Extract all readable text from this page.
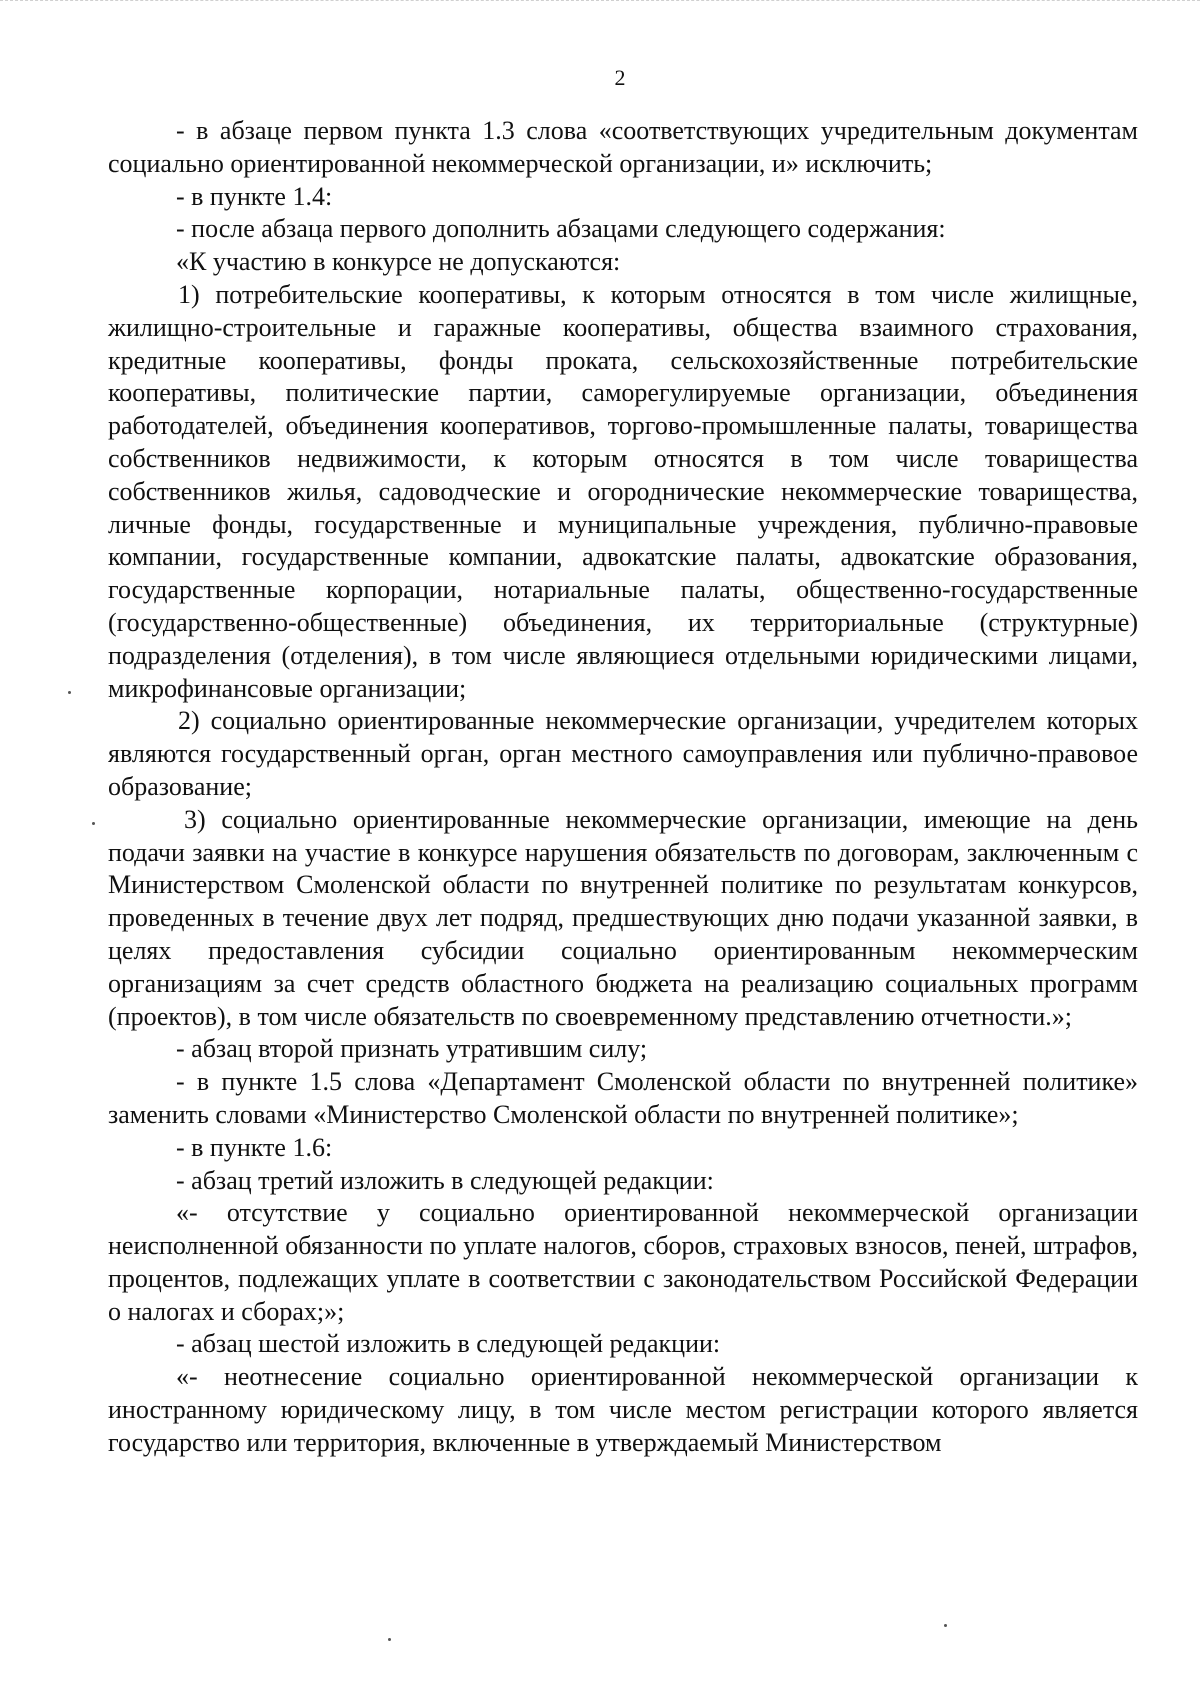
2

- в абзаце первом пункта 1.3 слова «соответствующих учредительным документам социально ориентированной некоммерческой организации, и» исключить;

- в пункте 1.4:

- после абзаца первого дополнить абзацами следующего содержания:

«К участию в конкурсе не допускаются:

1) потребительские кооперативы, к которым относятся в том числе жилищные, жилищно-строительные и гаражные кооперативы, общества взаимного страхования, кредитные кооперативы, фонды проката, сельскохозяйственные потребительские кооперативы, политические партии, саморегулируемые организации, объединения работодателей, объединения кооперативов, торгово-промышленные палаты, товарищества собственников недвижимости, к которым относятся в том числе товарищества собственников жилья, садоводческие и огороднические некоммерческие товарищества, личные фонды, государственные и муниципальные учреждения, публично-правовые компании, государственные компании, адвокатские палаты, адвокатские образования, государственные корпорации, нотариальные палаты, общественно-государственные (государственно-общественные) объединения, их территориальные (структурные) подразделения (отделения), в том числе являющиеся отдельными юридическими лицами, микрофинансовые организации;

2) социально ориентированные некоммерческие организации, учредителем которых являются государственный орган, орган местного самоуправления или публично-правовое образование;

3) социально ориентированные некоммерческие организации, имеющие на день подачи заявки на участие в конкурсе нарушения обязательств по договорам, заключенным с Министерством Смоленской области по внутренней политике по результатам конкурсов, проведенных в течение двух лет подряд, предшествующих дню подачи указанной заявки, в целях предоставления субсидии социально ориентированным некоммерческим организациям за счет средств областного бюджета на реализацию социальных программ (проектов), в том числе обязательств по своевременному представлению отчетности.»;

- абзац второй признать утратившим силу;

- в пункте 1.5 слова «Департамент Смоленской области по внутренней политике» заменить словами «Министерство Смоленской области по внутренней политике»;

- в пункте 1.6:

- абзац третий изложить в следующей редакции:

«- отсутствие у социально ориентированной некоммерческой организации неисполненной обязанности по уплате налогов, сборов, страховых взносов, пеней, штрафов, процентов, подлежащих уплате в соответствии с законодательством Российской Федерации о налогах и сборах;»;

- абзац шестой изложить в следующей редакции:

«- неотнесение социально ориентированной некоммерческой организации к иностранному юридическому лицу, в том числе местом регистрации которого является государство или территория, включенные в утверждаемый Министерством
